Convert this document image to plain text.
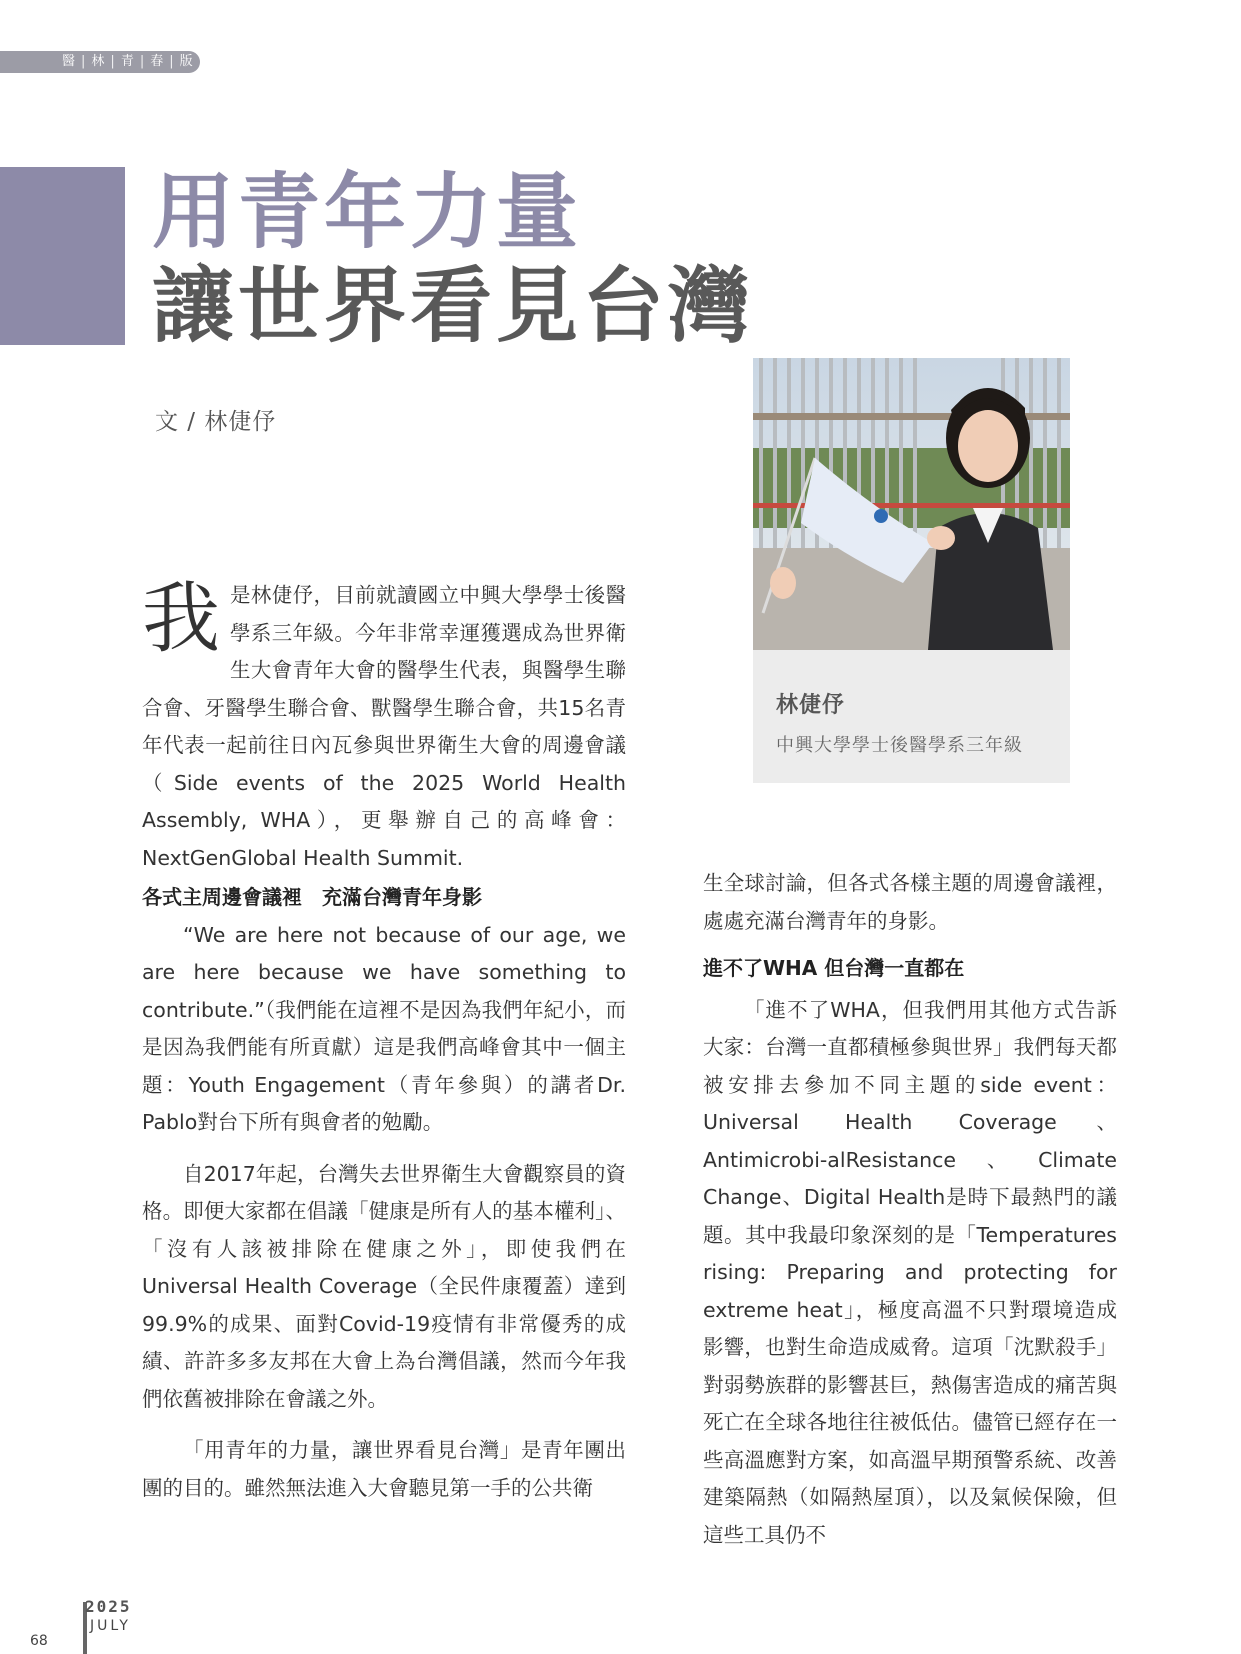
醫 | 林 | 青 | 春 | 版
用青年力量
讓世界看見台灣
文 / 林倢伃
林倢伃
中興大學學士後醫學系三年級

我是林倢伃，目前就讀國立中興大學學士後醫學系三年級。今年非常幸運獲選成為世界衛生大會青年大會的醫學生代表，與醫學生聯合會、牙醫學生聯合會、獸醫學生聯合會，共15名青年代表一起前往日內瓦參與世界衛生大會的周邊會議（Side events of the 2025 World Health Assembly, WHA），更舉辦自己的高峰會：NextGenGlobal Health Summit.

各式主周邊會議裡　充滿台灣青年身影

“We are here not because of our age, we are here because we have something to contribute.”（我們能在這裡不是因為我們年紀小，而是因為我們能有所貢獻）這是我們高峰會其中一個主題：Youth Engagement（青年參與）的講者Dr. Pablo對台下所有與會者的勉勵。

自2017年起，台灣失去世界衛生大會觀察員的資格。即便大家都在倡議「健康是所有人的基本權利」、「沒有人該被排除在健康之外」，即使我們在Universal Health Coverage（全民件康覆蓋）達到99.9%的成果、面對Covid-19疫情有非常優秀的成績、許許多多友邦在大會上為台灣倡議，然而今年我們依舊被排除在會議之外。

「用青年的力量，讓世界看見台灣」是青年團出團的目的。雖然無法進入大會聽見第一手的公共衛

生全球討論，但各式各樣主題的周邊會議裡，處處充滿台灣青年的身影。

進不了WHA 但台灣一直都在

「進不了WHA，但我們用其他方式告訴大家：台灣一直都積極參與世界」我們每天都被安排去參加不同主題的side event：Universal Health Coverage、Antimicrobi-alResistance、Climate Change、Digital Health是時下最熱門的議題。其中我最印象深刻的是「Temperatures rising: Preparing and protecting for extreme heat」，極度高溫不只對環境造成影響，也對生命造成威脅。這項「沈默殺手」對弱勢族群的影響甚巨，熱傷害造成的痛苦與死亡在全球各地往往被低估。儘管已經存在一些高溫應對方案，如高溫早期預警系統、改善建築隔熱（如隔熱屋頂），以及氣候保險，但這些工具仍不

68
2025
JULY
